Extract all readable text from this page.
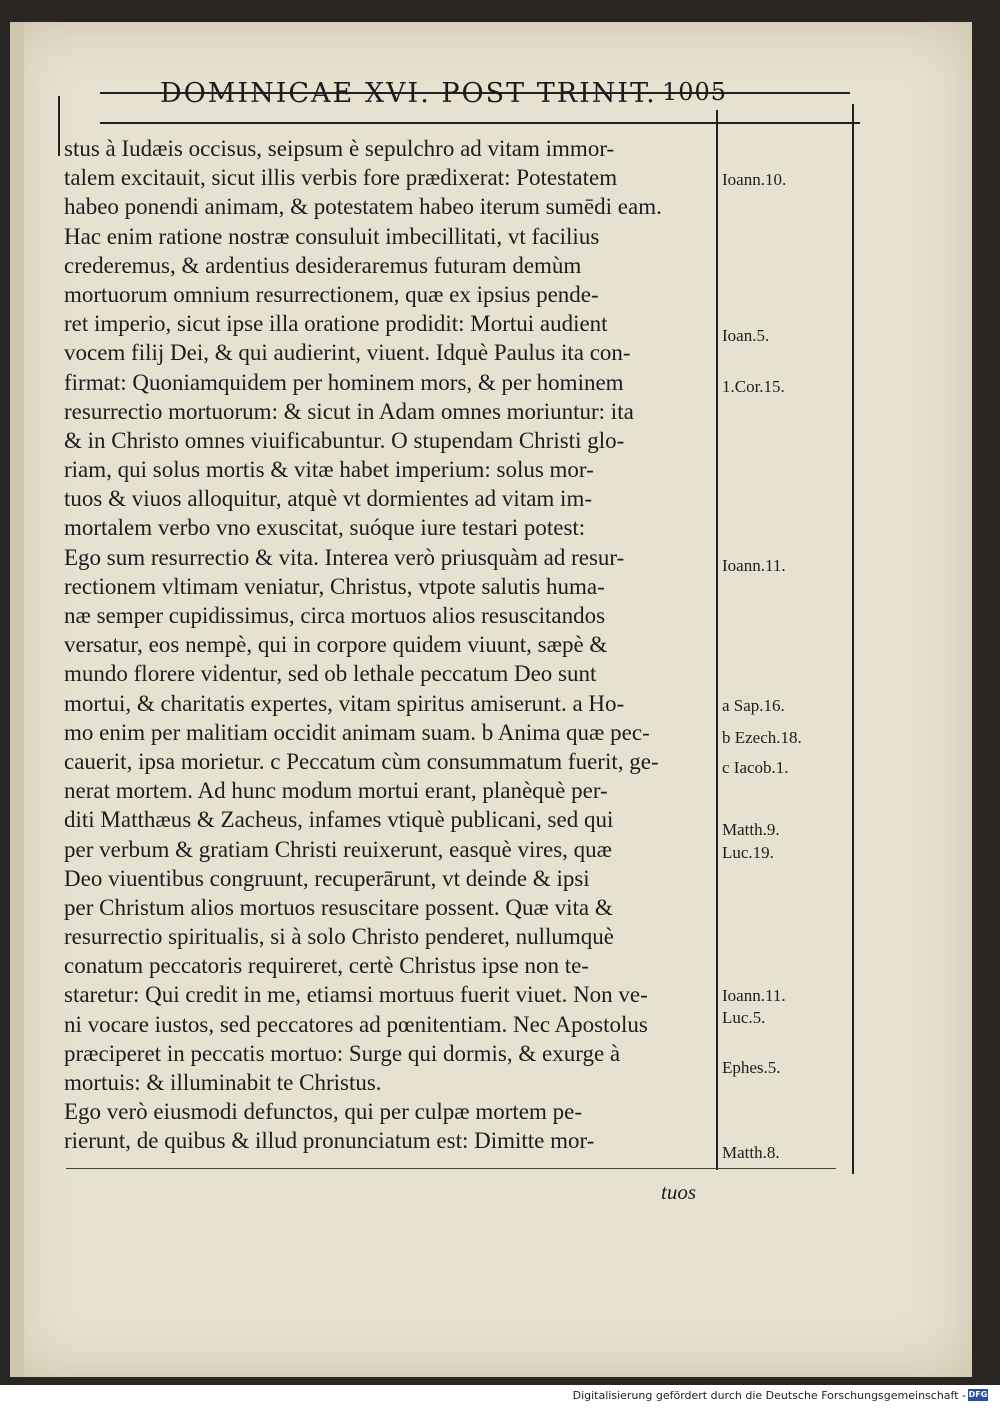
DOMINICAE XVI. POST TRINIT. 1005
stus à Iudæis occisus, seipsum è sepulchro ad vitam immor-
talem excitauit, sicut illis verbis fore prædixerat: Potestatem
habeo ponendi animam, & potestatem habeo iterum sumēdi eam.
Hac enim ratione nostræ consuluit imbecillitati, vt facilius
crederemus, & ardentius desideraremus futuram demùm
mortuorum omnium resurrectionem, quæ ex ipsius pende-
ret imperio, sicut ipse illa oratione prodidit: Mortui audient
vocem filij Dei, & qui audierint, viuent. Idquè Paulus ita con-
firmat: Quoniamquidem per hominem mors, & per hominem
resurrectio mortuorum: & sicut in Adam omnes moriuntur: ita
& in Christo omnes viuificabuntur. O stupendam Christi glo-
riam, qui solus mortis & vitæ habet imperium: solus mor-
tuos & viuos alloquitur, atquè vt dormientes ad vitam im-
mortalem verbo vno exuscitat, suóque iure testari potest:
Ego sum resurrectio & vita. Interea verò priusquàm ad resur-
rectionem vltimam veniatur, Christus, vtpote salutis huma-
næ semper cupidissimus, circa mortuos alios resuscitandos
versatur, eos nempè, qui in corpore quidem viuunt, sæpè &
mundo florere videntur, sed ob lethale peccatum Deo sunt
mortui, & charitatis expertes, vitam spiritus amiserunt. a Ho-
mo enim per malitiam occidit animam suam. b Anima quæ pec-
cauerit, ipsa morietur. c Peccatum cùm consummatum fuerit, ge-
nerat mortem. Ad hunc modum mortui erant, planèquè per-
diti Matthæus & Zacheus, infames vtiquè publicani, sed qui
per verbum & gratiam Christi reuixerunt, easquè vires, quæ
Deo viuentibus congruunt, recuperārunt, vt deinde & ipsi
per Christum alios mortuos resuscitare possent. Quæ vita &
resurrectio spiritualis, si à solo Christo penderet, nullumquè
conatum peccatoris requireret, certè Christus ipse non te-
staretur: Qui credit in me, etiamsi mortuus fuerit viuet. Non ve-
ni vocare iustos, sed peccatores ad pœnitentiam. Nec Apostolus
præciperet in peccatis mortuo: Surge qui dormis, & exurge à
mortuis: & illuminabit te Christus.
Ego verò eiusmodi defunctos, qui per culpæ mortem pe-
rierunt, de quibus & illud pronunciatum est: Dimitte mor-
Ioann.10.
Ioan.5.
1.Cor.15.
Ioann.11.
a Sap.16.
b Ezech.18.
c Iacob.1.
Matth.9.
Luc.19.
Ioann.11.
Luc.5.
Ephes.5.
Matth.8.
tuos
Digitalisierung gefördert durch die Deutsche Forschungsgemeinschaft - DFG
